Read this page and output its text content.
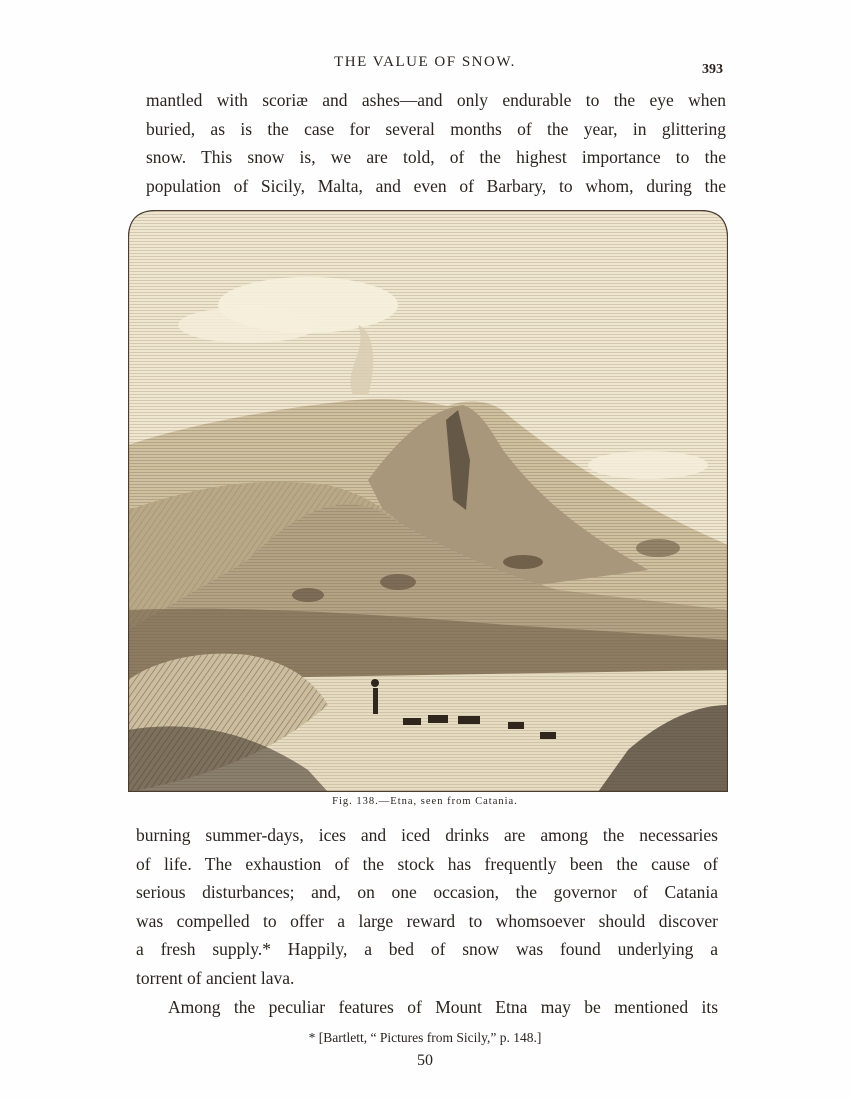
THE VALUE OF SNOW.	393

mantled with scoriæ and ashes—and only endurable to the eye when
buried, as is the case for several months of the year, in glittering
snow. This snow is, we are told, of the highest importance to the
population of Sicily, Malta, and even of Barbary, to whom, during the

Fig. 138.—Etna, seen from Catania.

burning summer-days, ices and iced drinks are among the necessaries
of life. The exhaustion of the stock has frequently been the cause of
serious disturbances; and, on one occasion, the governor of Catania
was compelled to offer a large reward to whomsoever should discover
a fresh supply.* Happily, a bed of snow was found underlying a
torrent of ancient lava.

Among the peculiar features of Mount Etna may be mentioned its

* [Bartlett, “ Pictures from Sicily,” p. 148.]
50
